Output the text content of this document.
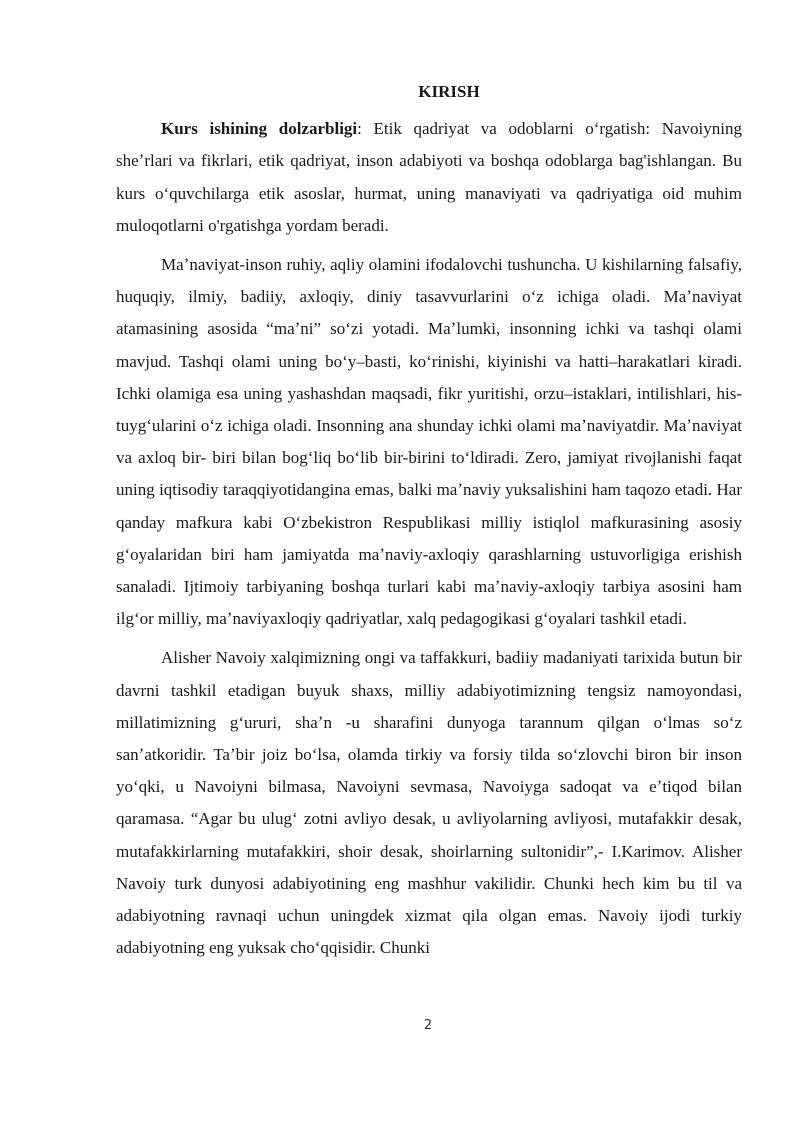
KIRISH

Kurs ishining dolzarbligi: Etik qadriyat va odoblarni oʻrgatish: Navoiyning sheʼrlari va fikrlari, etik qadriyat, inson adabiyoti va boshqa odoblarga bag'ishlangan. Bu kurs oʻquvchilarga etik asoslar, hurmat, uning manaviyati va qadriyatiga oid muhim muloqotlarni o'rgatishga yordam beradi.

Maʼnaviyat-inson ruhiy, aqliy olamini ifodalovchi tushuncha. U kishilarning falsafiy, huquqiy, ilmiy, badiiy, axloqiy, diniy tasavvurlarini oʻz ichiga oladi. Maʼnaviyat atamasining asosida “maʼni” soʻzi yotadi. Maʼlumki, insonning ichki va tashqi olami mavjud. Tashqi olami uning boʻy–basti, koʻrinishi, kiyinishi va hatti–harakatlari kiradi. Ichki olamiga esa uning yashashdan maqsadi, fikr yuritishi, orzu–istaklari, intilishlari, his-tuygʻularini oʻz ichiga oladi. Insonning ana shunday ichki olami maʼnaviyatdir. Maʼnaviyat va axloq bir- biri bilan bogʻliq boʻlib bir-birini toʻldiradi. Zero, jamiyat rivojlanishi faqat uning iqtisodiy taraqqiyotidangina emas, balki maʼnaviy yuksalishini ham taqozo etadi. Har qanday mafkura kabi Oʻzbekistron Respublikasi milliy istiqlol mafkurasining asosiy gʻoyalaridan biri ham jamiyatda maʼnaviy-axloqiy qarashlarning ustuvorligiga erishish sanaladi. Ijtimoiy tarbiyaning boshqa turlari kabi maʼnaviy-axloqiy tarbiya asosini ham ilgʻor milliy, maʼnaviyaxloqiy qadriyatlar, xalq pedagogikasi gʻoyalari tashkil etadi.

Alisher Navoiy xalqimizning ongi va taffakkuri, badiiy madaniyati tarixida butun bir davrni tashkil etadigan buyuk shaxs, milliy adabiyotimizning tengsiz namoyondasi, millatimizning gʻururi, shaʼn -u sharafini dunyoga tarannum qilgan oʻlmas soʻz sanʼatkoridir. Taʼbir joiz boʻlsa, olamda tirkiy va forsiy tilda soʻzlovchi biron bir inson yoʻqki, u Navoiyni bilmasa, Navoiyni sevmasa, Navoiyga sadoqat va eʼtiqod bilan qaramasa. “Agar bu ulugʻ zotni avliyo desak, u avliyolarning avliyosi, mutafakkir desak, mutafakkirlarning mutafakkiri, shoir desak, shoirlarning sultonidir”,- I.Karimov. Alisher Navoiy turk dunyosi adabiyotining eng mashhur vakilidir. Chunki hech kim bu til va adabiyotning ravnaqi uchun uningdek xizmat qila olgan emas. Navoiy ijodi turkiy adabiyotning eng yuksak choʻqqisidir. Chunki

2
